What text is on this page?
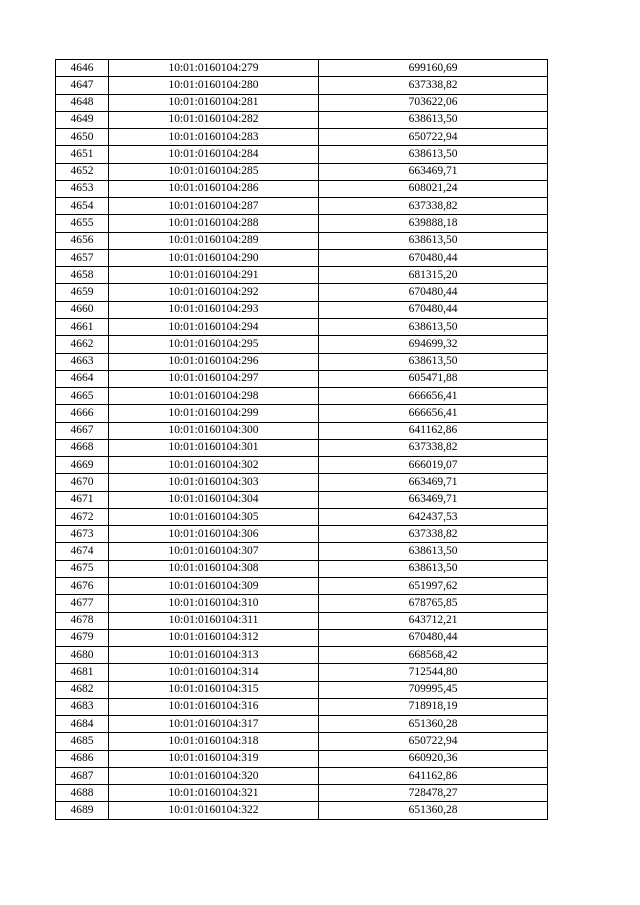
4646	10:01:0160104:279	699160,69
4647	10:01:0160104:280	637338,82
4648	10:01:0160104:281	703622,06
4649	10:01:0160104:282	638613,50
4650	10:01:0160104:283	650722,94
4651	10:01:0160104:284	638613,50
4652	10:01:0160104:285	663469,71
4653	10:01:0160104:286	608021,24
4654	10:01:0160104:287	637338,82
4655	10:01:0160104:288	639888,18
4656	10:01:0160104:289	638613,50
4657	10:01:0160104:290	670480,44
4658	10:01:0160104:291	681315,20
4659	10:01:0160104:292	670480,44
4660	10:01:0160104:293	670480,44
4661	10:01:0160104:294	638613,50
4662	10:01:0160104:295	694699,32
4663	10:01:0160104:296	638613,50
4664	10:01:0160104:297	605471,88
4665	10:01:0160104:298	666656,41
4666	10:01:0160104:299	666656,41
4667	10:01:0160104:300	641162,86
4668	10:01:0160104:301	637338,82
4669	10:01:0160104:302	666019,07
4670	10:01:0160104:303	663469,71
4671	10:01:0160104:304	663469,71
4672	10:01:0160104:305	642437,53
4673	10:01:0160104:306	637338,82
4674	10:01:0160104:307	638613,50
4675	10:01:0160104:308	638613,50
4676	10:01:0160104:309	651997,62
4677	10:01:0160104:310	678765,85
4678	10:01:0160104:311	643712,21
4679	10:01:0160104:312	670480,44
4680	10:01:0160104:313	668568,42
4681	10:01:0160104:314	712544,80
4682	10:01:0160104:315	709995,45
4683	10:01:0160104:316	718918,19
4684	10:01:0160104:317	651360,28
4685	10:01:0160104:318	650722,94
4686	10:01:0160104:319	660920,36
4687	10:01:0160104:320	641162,86
4688	10:01:0160104:321	728478,27
4689	10:01:0160104:322	651360,28
